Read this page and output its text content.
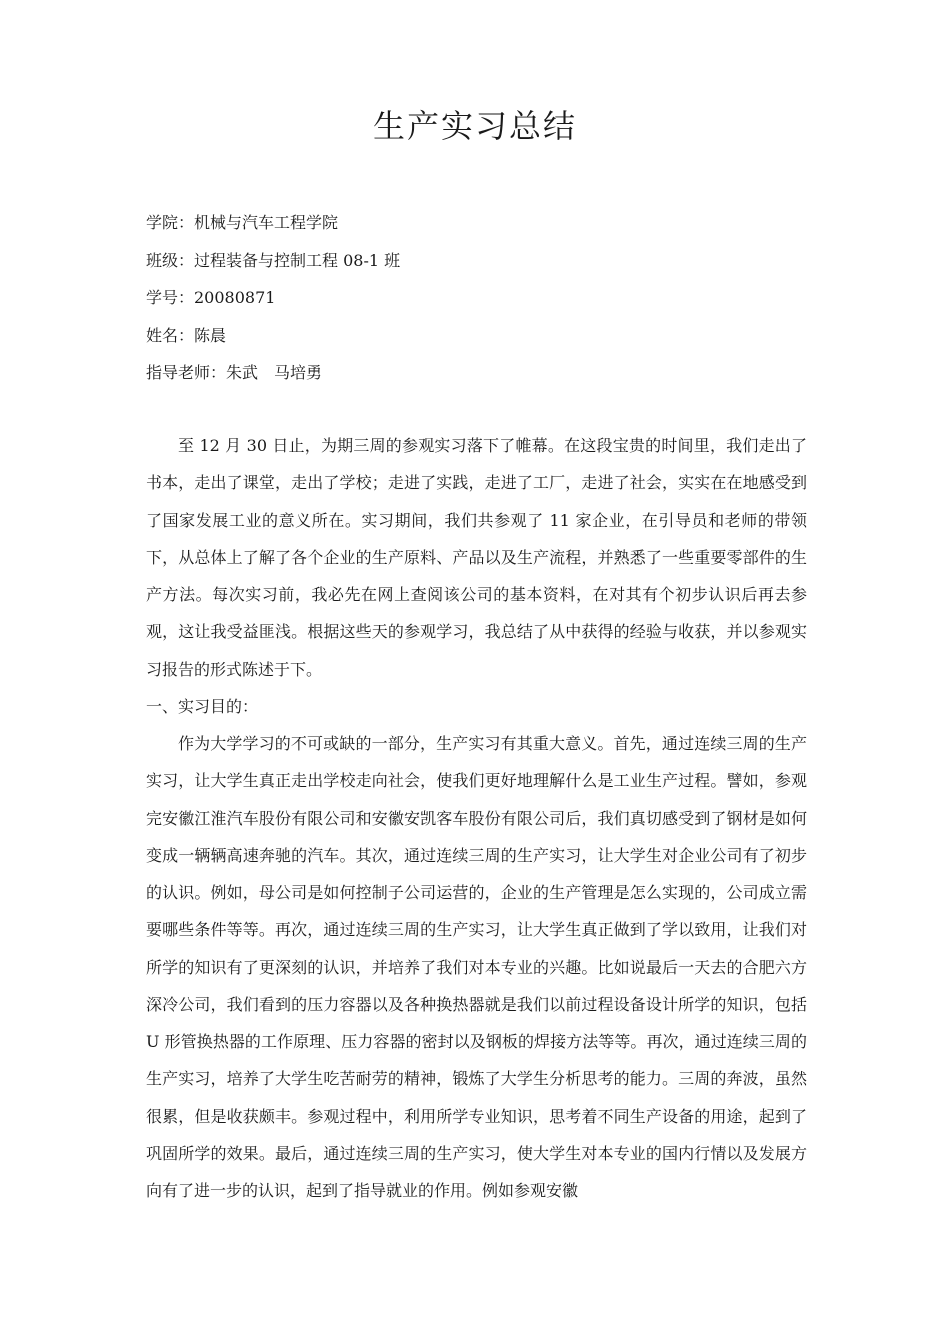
生产实习总结
学院：机械与汽车工程学院
班级：过程装备与控制工程 08-1 班
学号：20080871
姓名：陈晨
指导老师：朱武　马培勇

至 12 月 30 日止，为期三周的参观实习落下了帷幕。在这段宝贵的时间里，我们走出了书本，走出了课堂，走出了学校；走进了实践，走进了工厂，走进了社会，实实在在地感受到了国家发展工业的意义所在。实习期间，我们共参观了 11 家企业，在引导员和老师的带领下，从总体上了解了各个企业的生产原料、产品以及生产流程，并熟悉了一些重要零部件的生产方法。每次实习前，我必先在网上查阅该公司的基本资料，在对其有个初步认识后再去参观，这让我受益匪浅。根据这些天的参观学习，我总结了从中获得的经验与收获，并以参观实习报告的形式陈述于下。

一、实习目的：

作为大学学习的不可或缺的一部分，生产实习有其重大意义。首先，通过连续三周的生产实习，让大学生真正走出学校走向社会，使我们更好地理解什么是工业生产过程。譬如，参观完安徽江淮汽车股份有限公司和安徽安凯客车股份有限公司后，我们真切感受到了钢材是如何变成一辆辆高速奔驰的汽车。其次，通过连续三周的生产实习，让大学生对企业公司有了初步的认识。例如，母公司是如何控制子公司运营的，企业的生产管理是怎么实现的，公司成立需要哪些条件等等。再次，通过连续三周的生产实习，让大学生真正做到了学以致用，让我们对所学的知识有了更深刻的认识，并培养了我们对本专业的兴趣。比如说最后一天去的合肥六方深冷公司，我们看到的压力容器以及各种换热器就是我们以前过程设备设计所学的知识，包括 U 形管换热器的工作原理、压力容器的密封以及钢板的焊接方法等等。再次，通过连续三周的生产实习，培养了大学生吃苦耐劳的精神，锻炼了大学生分析思考的能力。三周的奔波，虽然很累，但是收获颇丰。参观过程中，利用所学专业知识，思考着不同生产设备的用途，起到了巩固所学的效果。最后，通过连续三周的生产实习，使大学生对本专业的国内行情以及发展方向有了进一步的认识，起到了指导就业的作用。例如参观安徽
